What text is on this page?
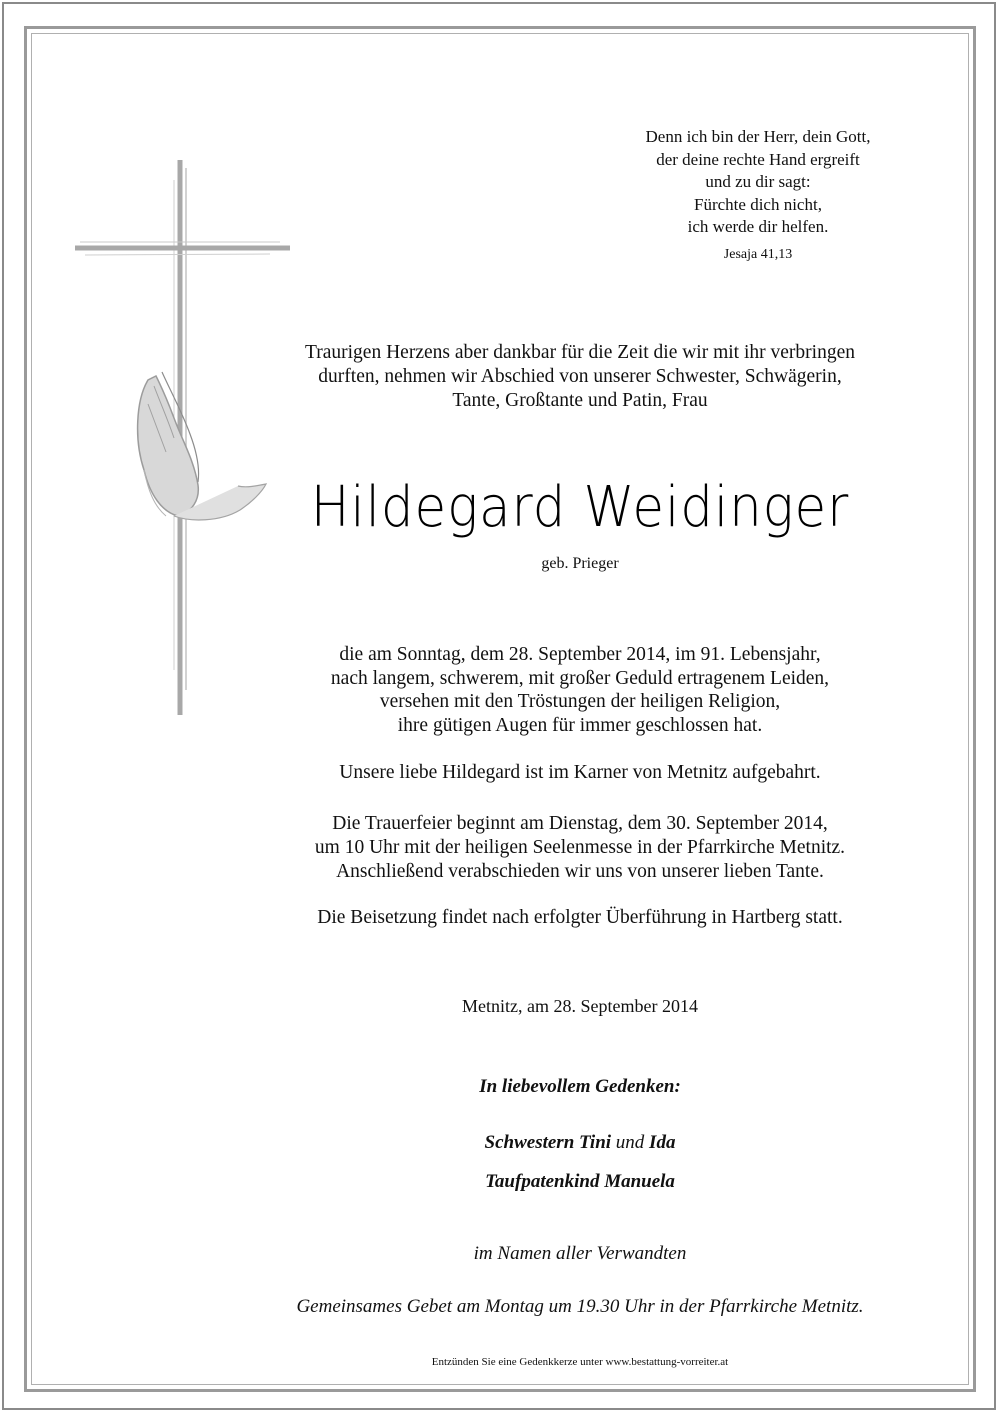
Denn ich bin der Herr, dein Gott,
der deine rechte Hand ergreift
und zu dir sagt:
Fürchte dich nicht,
ich werde dir helfen.
Jesaja 41,13
Traurigen Herzens aber dankbar für die Zeit die wir mit ihr verbringen
durften, nehmen wir Abschied von unserer Schwester, Schwägerin,
Tante, Großtante und Patin, Frau
Hildegard Weidinger
geb. Prieger
die am Sonntag, dem 28. September 2014, im 91. Lebensjahr,
nach langem, schwerem, mit großer Geduld ertragenem Leiden,
versehen mit den Tröstungen der heiligen Religion,
ihre gütigen Augen für immer geschlossen hat.
Unsere liebe Hildegard ist im Karner von Metnitz aufgebahrt.
Die Trauerfeier beginnt am Dienstag, dem 30. September 2014,
um 10 Uhr mit der heiligen Seelenmesse in der Pfarrkirche Metnitz.
Anschließend verabschieden wir uns von unserer lieben Tante.
Die Beisetzung findet nach erfolgter Überführung in Hartberg statt.
Metnitz, am 28. September 2014
In liebevollem Gedenken:
Schwestern Tini und Ida
Taufpatenkind Manuela
im Namen aller Verwandten
Gemeinsames Gebet am Montag um 19.30 Uhr in der Pfarrkirche Metnitz.
Entzünden Sie eine Gedenkkerze unter www.bestattung-vorreiter.at
